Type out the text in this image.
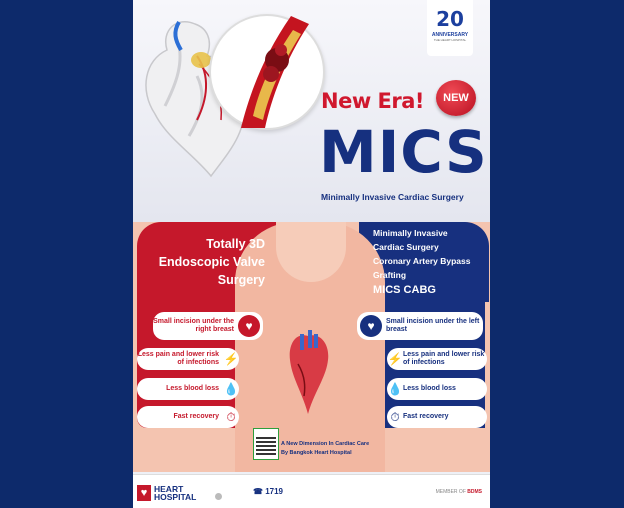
20
ANNIVERSARY
THE HEART HOSPITAL
New Era!	NEW
MICS
Minimally Invasive Cardiac Surgery
Totally 3D Endoscopic Valve Surgery
Minimally Invasive
Cardiac Surgery
Coronary Artery Bypass
Grafting
MICS CABG
Small incision under the right breast ♥
Less pain and lower risk of infections ⚡
Less blood loss 💧
Fast recovery ⏱
♥	Small incision under the left breast
⚡ Less pain and lower risk of infections
💧 Less blood loss
⏱ Fast recovery
A New Dimension In Cardiac Care
By Bangkok Heart Hospital
♥ HEART
HOSPITAL

☎ 1719	MEMBER OF BDMS
